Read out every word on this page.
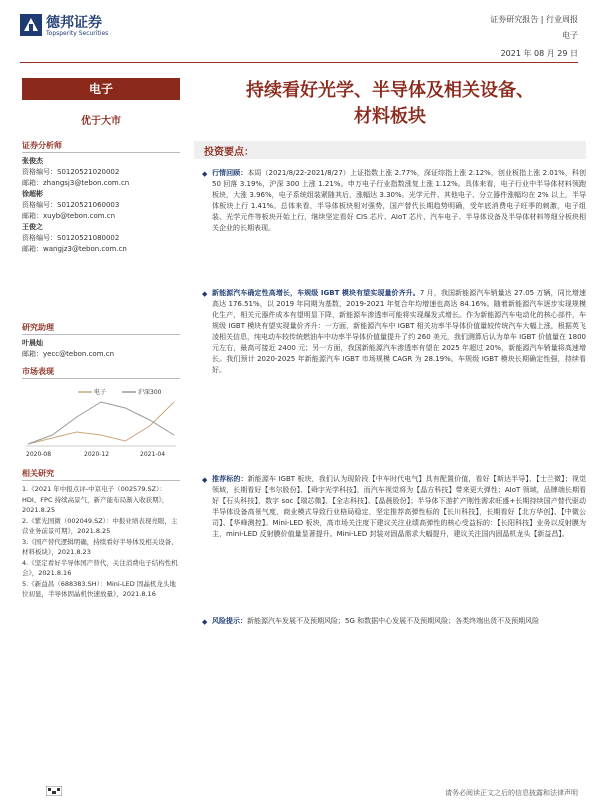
德邦证券
Topsperity Securities
证券研究报告 | 行业周报
电子
2021 年 08 月 29 日
电子
优于大市
持续看好光学、半导体及相关设备、
材料板块
证券分析师
张俊杰
资格编号：S0120521020002
邮箱：zhangsj3@tebon.com.cn
徐超彬
资格编号：S0120521060003
邮箱：xuyb@tebon.com.cn
王俊之
资格编号：S0120521080002
邮箱：wangjz3@tebon.com.cn
研究助理
叶晨灿
邮箱：yecc@tebon.com.cn
市场表现
电子	沪深300
2020-08	2020-12	2021-04
相关研究
1.《2021 年中报点评-中京电子（002579.SZ）：HDI、FPC 持续高景气，新产能布局渐入收获期》，2021.8.25
2.《紫光国微（002049.SZ）：中报业绩表现亮眼，主营业务前景可期》，2021.8.25
3.《国产替代逻辑明确，持续看好半导体及相关设备、材料板块》，2021.8.23
4.《坚定看好半导体国产替代，关注消费电子结构性机会》，2021.8.16
5.《新益昌（688383.SH）：Mini-LED 固晶机龙头地位初显，半导体固晶机快速放量》，2021.8.16
投资要点：
◆ 行情回顾：本周（2021/8/22-2021/8/27）上证指数上涨 2.77%，深证综指上涨 2.12%，创业板指上涨 2.01%，科创 50 回落 3.19%，沪深 300 上涨 1.21%。申万电子行业指数涨复上涨 1.12%。具体来看，电子行业中半导体材料领跑板块，大涨 3.96%，电子系统组装紧随其后，涨幅达 3.30%。光学元件、其他电子、分立器件涨幅均在 2% 以上，半导体板块上行 1.41%。总体来看，半导体板块相对强势，国产替代长期趋势明确，受年底消费电子旺季的刺激，电子组装、光学元件等板块开始上行，继续坚定看好 CIS 芯片、AIoT 芯片、汽车电子、半导体设备及半导体材料等细分板块相关企业的长期表现。
◆ 新能源汽车确定性高增长，车规级 IGBT 模块有望实现量价齐升。7 月，我国新能源汽车销量达 27.05 万辆，同比增速高达 176.51%，以 2019 年同期为基数，2019-2021 年复合年均增速也高达 84.16%。随着新能源汽车逐步实现规模化生产，相关元器件成本有望明显下降，新能源车渗透率可能将实现爆发式增长。作为新能源汽车电动化的核心部件，车规级 IGBT 模块有望实现量价齐升：一方面，新能源汽车中 IGBT 相关功率半导体价值量较传统汽车大幅上涨，根据英飞凌相关信息，纯电动车较传统燃油车中功率半导体价值量提升了约 260 美元，我们测算后认为单车 IGBT 价值量在 1800 元左右，最高可接近 2400 元；另一方面，我国新能源汽车渗透率有望在 2025 年超过 20%，新能源汽车销量将高速增长。我们预计 2020-2025 年新能源汽车 IGBT 市场规模 CAGR 为 28.19%。车规级 IGBT 模块长期确定性强，持续看好。
◆ 推荐标的：新能源车 IGBT 板块，我们认为现阶段【中车时代电气】具有配置价值，看好【斯达半导】、【士兰微】；视觉领域，长期看好【韦尔股份】、【舜宇光学科技】，而汽车视觉将为【晶方科技】带来更大弹性；AIoT 领域，品牌端长期看好【石头科技】，数字 soc【瑞芯微】、【全志科技】、【晶晨股份】；半导体下游扩产刚性需求旺盛+长期持续国产替代驱动半导体设备高景气度，商业模式导致行业格局稳定，坚定推荐高弹性标的【长川科技】，长期看好【北方华创】、【中微公司】、【华峰测控】。Mini-LED 板块，高市场关注度下建议关注业绩高弹性的核心受益标的：【长阳科技】业务以反射膜为主，mini-LED 反射膜价值量显著提升。Mini-LED 封装对固晶需求大幅提升，建议关注国内固晶机龙头【新益昌】。
◆ 风险提示：新能源汽车发展不及预期风险；5G 和数据中心发展不及预期风险；各类终端出货不及预期风险
请务必阅读正文之后的信息披露和法律声明
